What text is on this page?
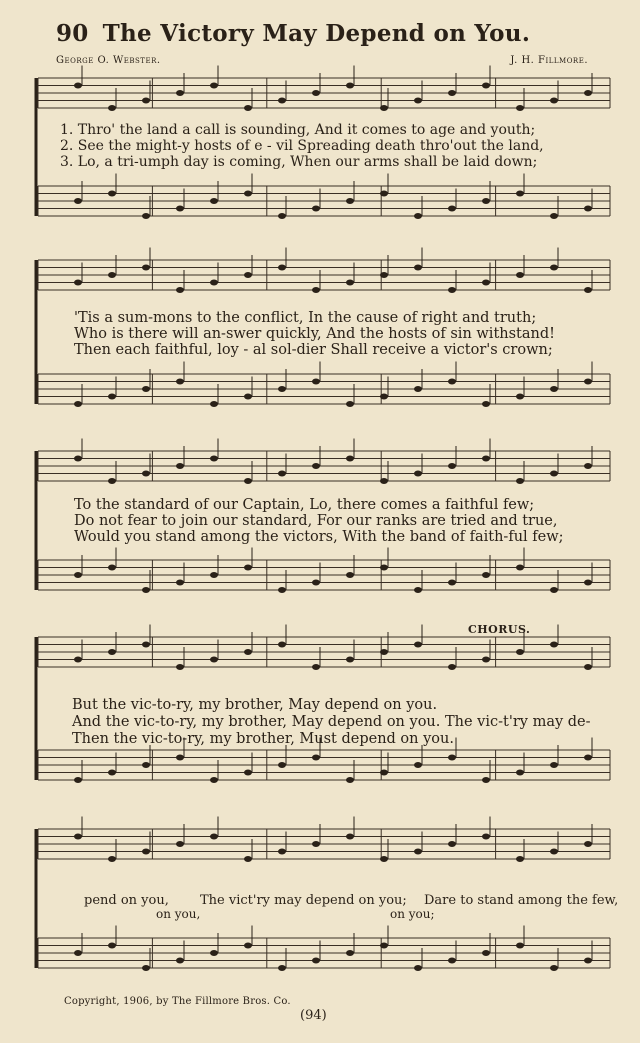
90 The Victory May Depend on You.
George O. Webster.	J. H. Fillmore.
1. Thro' the land a call is sounding, And it comes to age and youth;
2. See the might-y hosts of e - vil Spreading death thro'out the land,
3. Lo, a tri-umph day is coming, When our arms shall be laid down;
'Tis a sum-mons to the conflict, In the cause of right and truth;
Who is there will an-swer quickly, And the hosts of sin withstand!
Then each faithful, loy - al sol-dier Shall receive a victor's crown;
To the standard of our Captain, Lo, there comes a faithful few;
Do not fear to join our standard, For our ranks are tried and true,
Would you stand among the victors, With the band of faith-ful few;
CHORUS.
But the vic-to-ry, my brother, May depend on you.
And the vic-to-ry, my brother, May depend on you. The vic-t'ry may de-
Then the vic-to-ry, my brother, Must depend on you.
pend on you,
on you,
The vict'ry may depend on you;
on you;
Dare to stand among the few,
Copyright, 1906, by The Fillmore Bros. Co.
(94)
